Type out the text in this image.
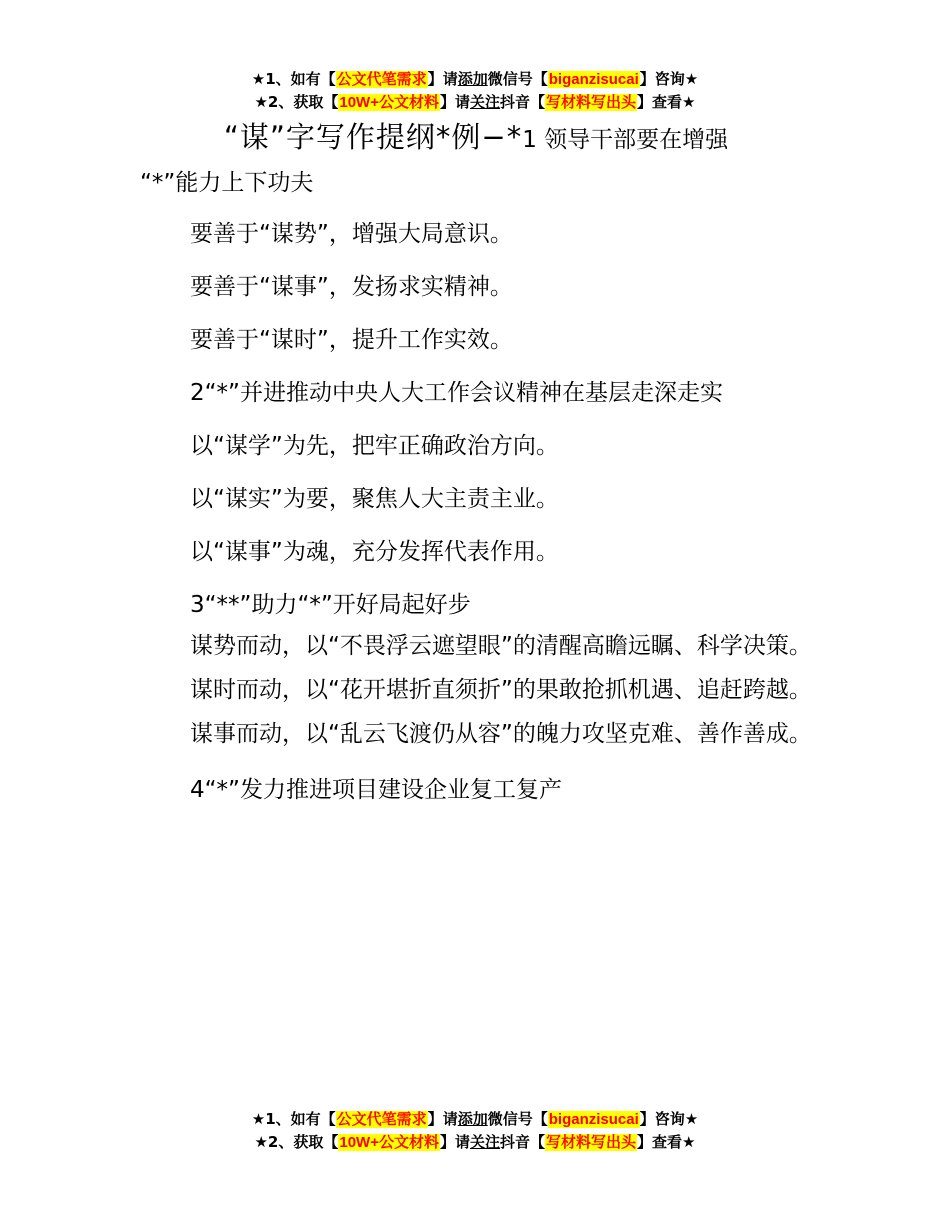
★1、如有【公文代笔需求】请添加微信号【biganzisucai】咨询★
★2、获取【10W+公文材料】请关注抖音【写材料写出头】查看★

“谋”字写作提纲*例−*1 领导干部要在增强

“*”能力上下功夫

要善于“谋势”，增强大局意识。

要善于“谋事”，发扬求实精神。

要善于“谋时”，提升工作实效。

2“*”并进推动中央人大工作会议精神在基层走深走实

以“谋学”为先，把牢正确政治方向。

以“谋实”为要，聚焦人大主责主业。

以“谋事”为魂，充分发挥代表作用。

3“**”助力“*”开好局起好步

谋势而动，以“不畏浮云遮望眼”的清醒高瞻远瞩、科学决策。

谋时而动，以“花开堪折直须折”的果敢抢抓机遇、追赶跨越。

谋事而动，以“乱云飞渡仍从容”的魄力攻坚克难、善作善成。

4“*”发力推进项目建设企业复工复产

★1、如有【公文代笔需求】请添加微信号【biganzisucai】咨询★
★2、获取【10W+公文材料】请关注抖音【写材料写出头】查看★
